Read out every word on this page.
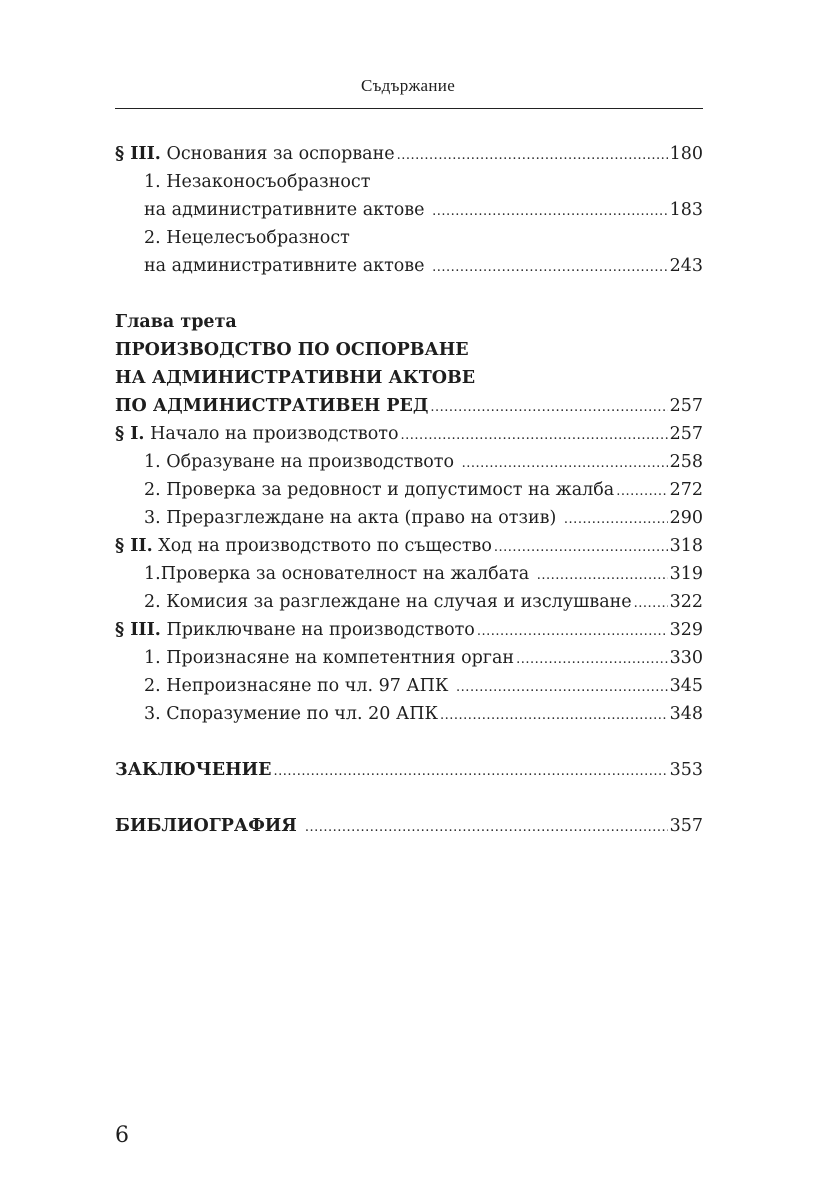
Съдържание
§ III. Основания за оспорване .....	180
1. Незаконосъобразност
на административните актове .....	183
2. Нецелесъобразност
на административните актове .....	243
Глава трета
ПРОИЗВОДСТВО ПО ОСПОРВАНЕ
НА АДМИНИСТРАТИВНИ АКТОВЕ
ПО АДМИНИСТРАТИВЕН РЕД .....	257
§ I. Начало на производството .....	257
1. Образуване на производството .....	258
2. Проверка за редовност и допустимост на жалба .....	272
3. Преразглеждане на акта (право на отзив) .....	290
§ II. Ход на производството по същество .....	318
1.Проверка за основателност на жалбата .....	319
2. Комисия за разглеждане на случая и изслушване ..... 322
§ III. Приключване на производството .....	329
1. Произнасяне на компетентния орган .....	330
2. Непроизнасяне по чл. 97 АПК .....	345
3. Споразумение по чл. 20 АПК .....	348
ЗАКЛЮЧЕНИЕ .....	353
БИБЛИОГРАФИЯ .....	357
6
